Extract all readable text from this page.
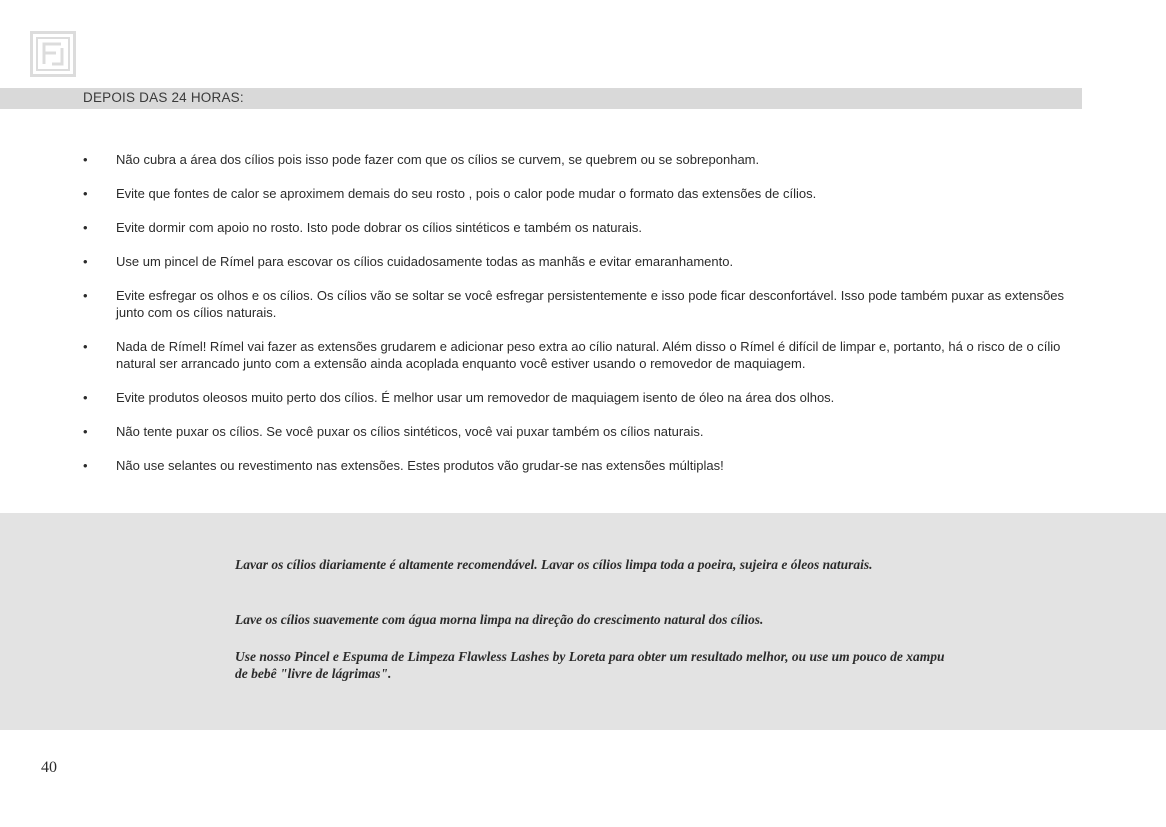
DEPOIS DAS 24 HORAS:
• Não cubra a área dos cílios pois isso pode fazer com que os cílios se curvem, se quebrem ou se sobreponham.
• Evite que fontes de calor se aproximem demais do seu rosto , pois o calor pode mudar o formato das extensões de cílios.
• Evite dormir com apoio no rosto. Isto pode dobrar os cílios sintéticos e também os naturais.
• Use um pincel de Rímel para escovar os cílios cuidadosamente todas as manhãs e evitar emaranhamento.
• Evite esfregar os olhos e os cílios. Os cílios vão se soltar se você esfregar persistentemente e isso pode ficar desconfortável. Isso pode também puxar as extensões junto com os cílios naturais.
• Nada de Rímel! Rímel vai fazer as extensões grudarem e adicionar peso extra ao cílio natural. Além disso o Rímel é difícil de limpar e, portanto, há o risco de o cílio natural ser arrancado junto com a extensão ainda acoplada enquanto você estiver usando o removedor de maquiagem.
• Evite produtos oleosos muito perto dos cílios. É melhor usar um removedor de maquiagem isento de óleo na área dos olhos.
• Não tente puxar os cílios. Se você puxar os cílios sintéticos, você vai puxar também os cílios naturais.
• Não use selantes ou revestimento nas extensões. Estes produtos vão grudar-se nas extensões múltiplas!

Lavar os cílios diariamente é altamente recomendável. Lavar os cílios limpa toda a poeira, sujeira e óleos naturais.

Lave os cílios suavemente com água morna limpa na direção do crescimento natural dos cílios.

Use nosso Pincel e Espuma de Limpeza Flawless Lashes by Loreta para obter um resultado melhor, ou use um pouco de xampu de bebê "livre de lágrimas".

40
